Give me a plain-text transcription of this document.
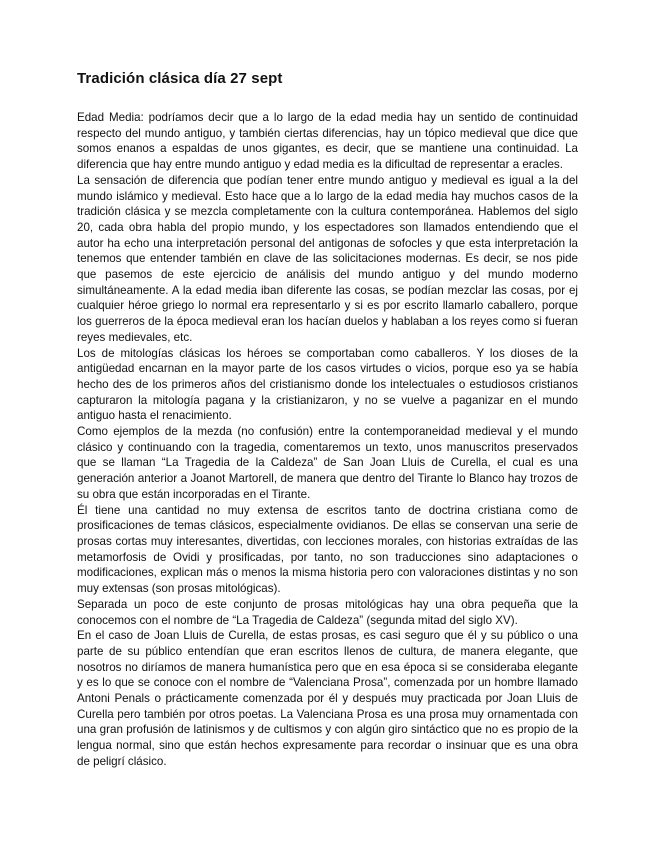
Tradición clásica día 27 sept

Edad Media: podríamos decir que a lo largo de la edad media hay un sentido de continuidad respecto del mundo antiguo, y también ciertas diferencias, hay un tópico medieval que dice que somos enanos a espaldas de unos gigantes, es decir, que se mantiene una continuidad. La diferencia que hay entre mundo antiguo y edad media es la dificultad de representar a eracles.

La sensación de diferencia que podían tener entre mundo antiguo y medieval es igual a la del mundo islámico y medieval. Esto hace que a lo largo de la edad media hay muchos casos de la tradición clásica y se mezcla completamente con la cultura contemporánea. Hablemos del siglo 20, cada obra habla del propio mundo, y los espectadores son llamados entendiendo que el autor ha echo una interpretación personal del antigonas de sofocles y que esta interpretación la tenemos que entender también en clave de las solicitaciones modernas. Es decir, se nos pide que pasemos de este ejercicio de análisis del mundo antiguo y del mundo moderno simultáneamente. A la edad media iban diferente las cosas, se podían mezclar las cosas, por ej cualquier héroe griego lo normal era representarlo y si es por escrito llamarlo caballero, porque los guerreros de la época medieval eran los hacían duelos y hablaban a los reyes como si fueran reyes medievales, etc.

Los de mitologías clásicas los héroes se comportaban como caballeros. Y los dioses de la antigüedad encarnan en la mayor parte de los casos virtudes o vicios, porque eso ya se había hecho des de los primeros años del cristianismo donde los intelectuales o estudiosos cristianos capturaron la mitología pagana y la cristianizaron, y no se vuelve a paganizar en el mundo antiguo hasta el renacimiento.

Como ejemplos de la mezda (no confusión) entre la contemporaneidad medieval y el mundo clásico y continuando con la tragedia, comentaremos un texto, unos manuscritos preservados que se llaman “La Tragedia de la Caldeza” de San Joan Lluis de Curella, el cual es una generación anterior a Joanot Martorell, de manera que dentro del Tirante lo Blanco hay trozos de su obra que están incorporadas en el Tirante.

Él tiene una cantidad no muy extensa de escritos tanto de doctrina cristiana como de prosificaciones de temas clásicos, especialmente ovidianos. De ellas se conservan una serie de prosas cortas muy interesantes, divertidas, con lecciones morales, con historias extraídas de las metamorfosis de Ovidi y prosificadas, por tanto, no son traducciones sino adaptaciones o modificaciones, explican más o menos la misma historia pero con valoraciones distintas y no son muy extensas (son prosas mitológicas).

Separada un poco de este conjunto de prosas mitológicas hay una obra pequeña que la conocemos con el nombre de “La Tragedia de Caldeza” (segunda mitad del siglo XV).

En el caso de Joan Lluis de Curella, de estas prosas, es casi seguro que él y su público o una parte de su público entendían que eran escritos llenos de cultura, de manera elegante, que nosotros no diríamos de manera humanística pero que en esa época si se consideraba elegante y es lo que se conoce con el nombre de “Valenciana Prosa”, comenzada por un hombre llamado Antoni Penals o prácticamente comenzada por él y después muy practicada por Joan Lluis de Curella pero también por otros poetas. La Valenciana Prosa es una prosa muy ornamentada con una gran profusión de latinismos y de cultismos y con algún giro sintáctico que no es propio de la lengua normal, sino que están hechos expresamente para recordar o insinuar que es una obra de peligrí clásico.
